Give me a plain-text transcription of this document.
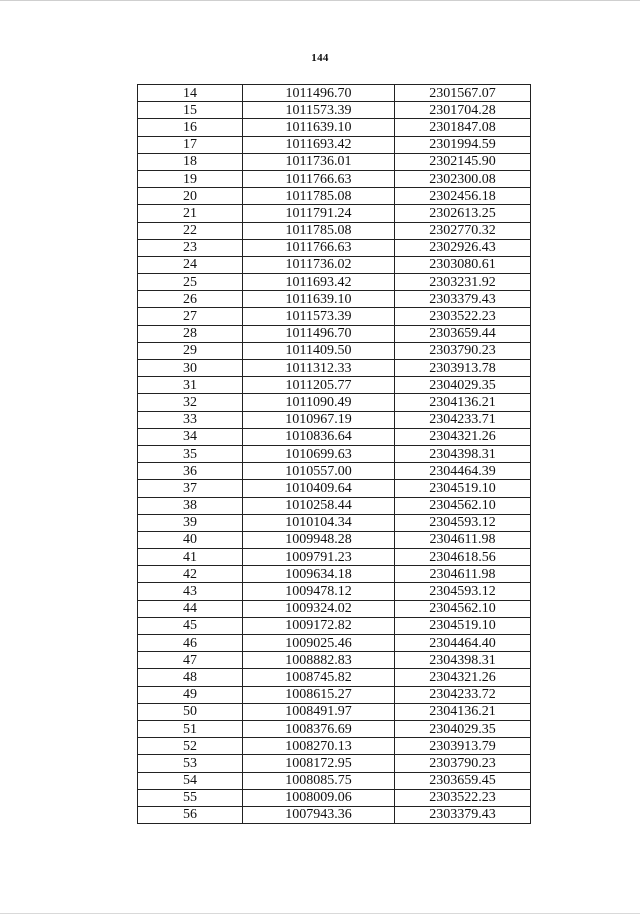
144
14	1011496.70	2301567.07
15	1011573.39	2301704.28
16	1011639.10	2301847.08
17	1011693.42	2301994.59
18	1011736.01	2302145.90
19	1011766.63	2302300.08
20	1011785.08	2302456.18
21	1011791.24	2302613.25
22	1011785.08	2302770.32
23	1011766.63	2302926.43
24	1011736.02	2303080.61
25	1011693.42	2303231.92
26	1011639.10	2303379.43
27	1011573.39	2303522.23
28	1011496.70	2303659.44
29	1011409.50	2303790.23
30	1011312.33	2303913.78
31	1011205.77	2304029.35
32	1011090.49	2304136.21
33	1010967.19	2304233.71
34	1010836.64	2304321.26
35	1010699.63	2304398.31
36	1010557.00	2304464.39
37	1010409.64	2304519.10
38	1010258.44	2304562.10
39	1010104.34	2304593.12
40	1009948.28	2304611.98
41	1009791.23	2304618.56
42	1009634.18	2304611.98
43	1009478.12	2304593.12
44	1009324.02	2304562.10
45	1009172.82	2304519.10
46	1009025.46	2304464.40
47	1008882.83	2304398.31
48	1008745.82	2304321.26
49	1008615.27	2304233.72
50	1008491.97	2304136.21
51	1008376.69	2304029.35
52	1008270.13	2303913.79
53	1008172.95	2303790.23
54	1008085.75	2303659.45
55	1008009.06	2303522.23
56	1007943.36	2303379.43
